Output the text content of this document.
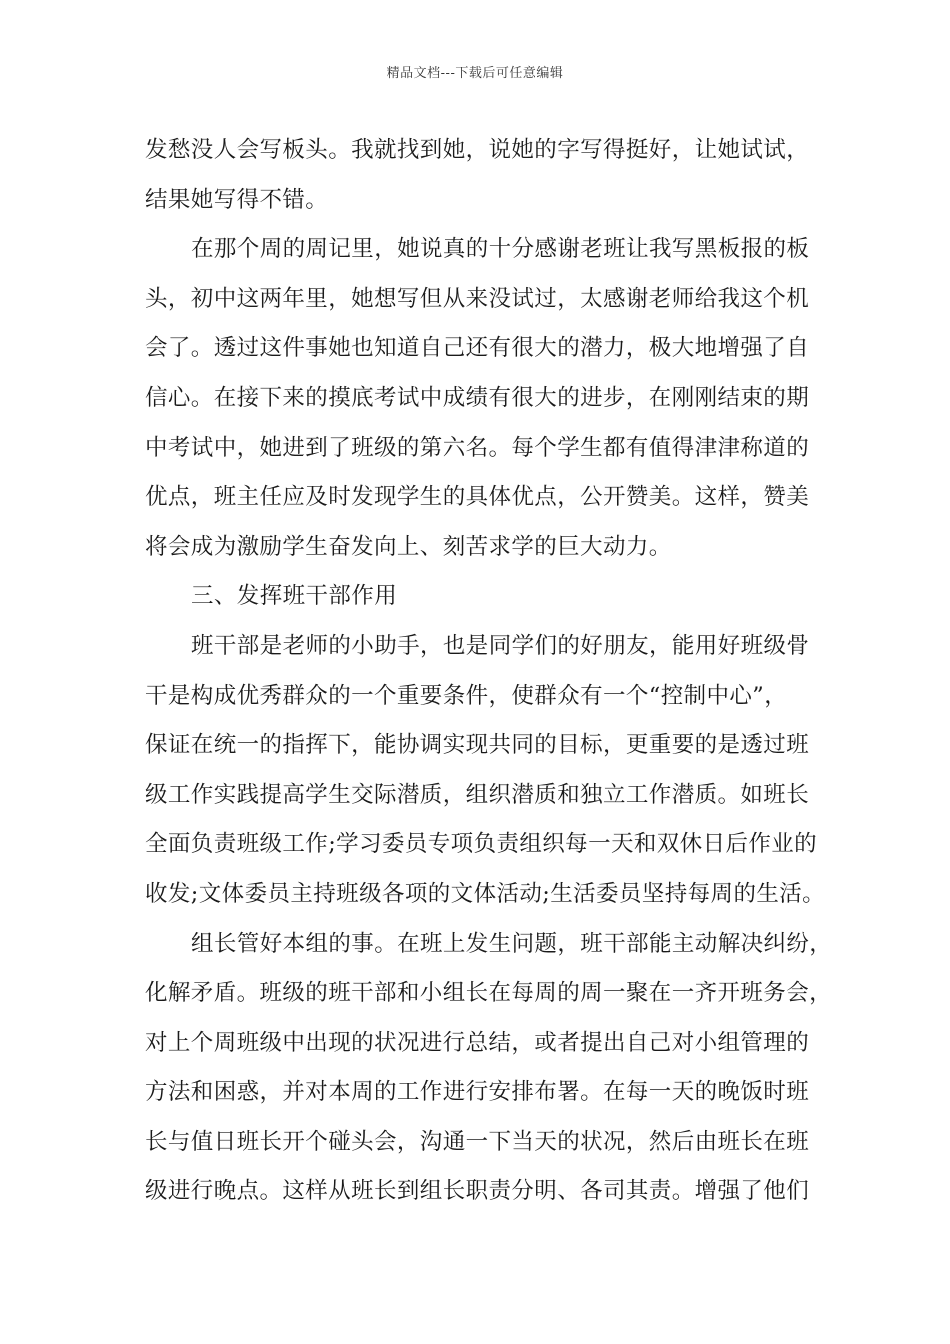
精品文档---下载后可任意编辑
发愁没人会写板头。我就找到她，说她的字写得挺好，让她试试，
结果她写得不错。
在那个周的周记里，她说真的十分感谢老班让我写黑板报的板
头，初中这两年里，她想写但从来没试过，太感谢老师给我这个机
会了。透过这件事她也知道自己还有很大的潜力，极大地增强了自
信心。在接下来的摸底考试中成绩有很大的进步，在刚刚结束的期
中考试中，她进到了班级的第六名。每个学生都有值得津津称道的
优点，班主任应及时发现学生的具体优点，公开赞美。这样，赞美
将会成为激励学生奋发向上、刻苦求学的巨大动力。
三、发挥班干部作用
班干部是老师的小助手，也是同学们的好朋友，能用好班级骨
干是构成优秀群众的一个重要条件，使群众有一个“控制中心”，
保证在统一的指挥下，能协调实现共同的目标，更重要的是透过班
级工作实践提高学生交际潜质，组织潜质和独立工作潜质。如班长
全面负责班级工作;学习委员专项负责组织每一天和双休日后作业的
收发;文体委员主持班级各项的文体活动;生活委员坚持每周的生活。
组长管好本组的事。在班上发生问题，班干部能主动解决纠纷，
化解矛盾。班级的班干部和小组长在每周的周一聚在一齐开班务会，
对上个周班级中出现的状况进行总结，或者提出自己对小组管理的
方法和困惑，并对本周的工作进行安排布署。在每一天的晚饭时班
长与值日班长开个碰头会，沟通一下当天的状况，然后由班长在班
级进行晚点。这样从班长到组长职责分明、各司其责。增强了他们
